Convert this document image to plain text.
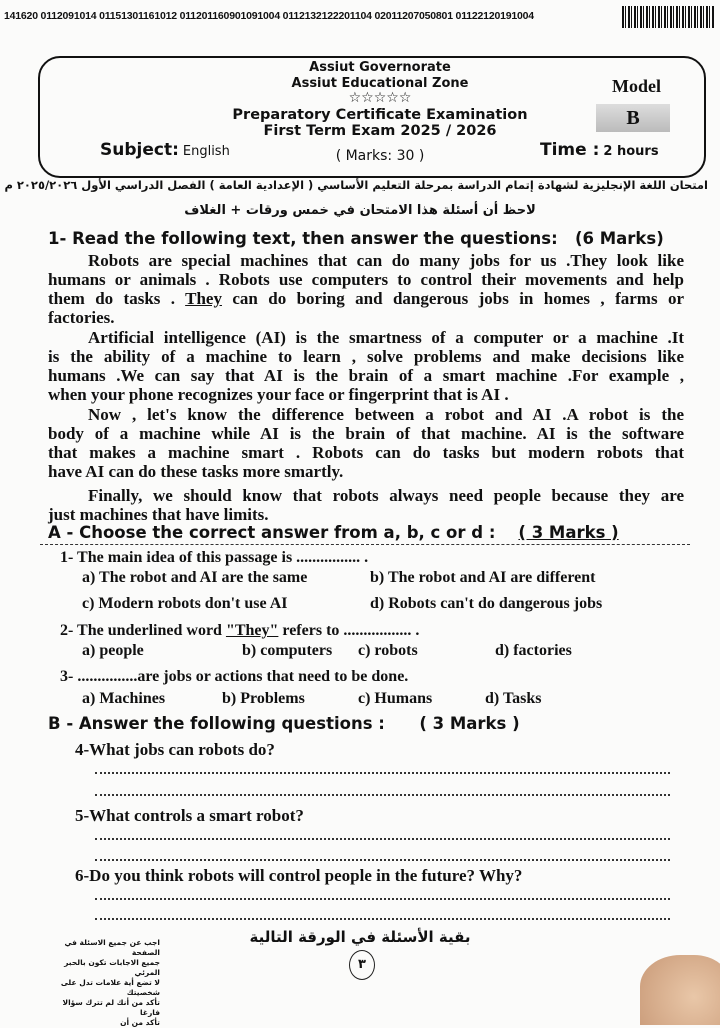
141620 0112091014 01151301161012 011201160901091004 0112132122201104 02011207050801 01122120191004
Assiut Governorate
Assiut Educational Zone
☆☆☆☆☆
Preparatory Certificate Examination
First Term Exam 2025 / 2026
( Marks: 30 )
Subject: English
Model
B
Time : 2 hours
امتحان اللغة الإنجليزية لشهادة إتمام الدراسة بمرحلة التعليم الأساسي ( الإعدادية العامة ) الفصل الدراسي الأول ٢٠٢٥/٢٠٢٦ م
لاحظ أن أسئلة هذا الامتحان في خمس ورقات + الغلاف
1- Read the following text, then answer the questions: (6 Marks)
Robots are special machines that can do many jobs for us .They look like
humans or animals . Robots use computers to control their movements and help
them do tasks . They can do boring and dangerous jobs in homes , farms or
factories.
Artificial intelligence (AI) is the smartness of a computer or a machine .It
is the ability of a machine to learn , solve problems and make decisions like
humans .We can say that AI is the brain of a smart machine .For example ,
when your phone recognizes your face or fingerprint that is AI .
Now , let's know the difference between a robot and AI .A robot is the
body of a machine while AI is the brain of that machine. AI is the software
that makes a machine smart . Robots can do tasks but modern robots that
have AI can do these tasks more smartly.
Finally, we should know that robots always need people because they are
just machines that have limits.
A - Choose the correct answer from a, b, c or d : ( 3 Marks )
1- The main idea of this passage is ................ .
a) The robot and AI are the same	b) The robot and AI are different
c) Modern robots don't use AI	d) Robots can't do dangerous jobs
2- The underlined word "They" refers to ................. .
a) people	b) computers c) robots	d) factories
3- ...............are jobs or actions that need to be done.
a) Machines	b) Problems	c) Humans	d) Tasks
B - Answer the following questions : ( 3 Marks )
4-What jobs can robots do?
5-What controls a smart robot?
6-Do you think robots will control people in the future? Why?
بقية الأسئلة في الورقة التالية
٣
اجب عن جميع الاسئلة في الصفحة
جميع الاجابات تكون بالحبر المرئي
لا تضع أية علامات تدل على شخصيتك
تأكد من أنك لم تترك سؤالا فارغا
تأكد من أن
